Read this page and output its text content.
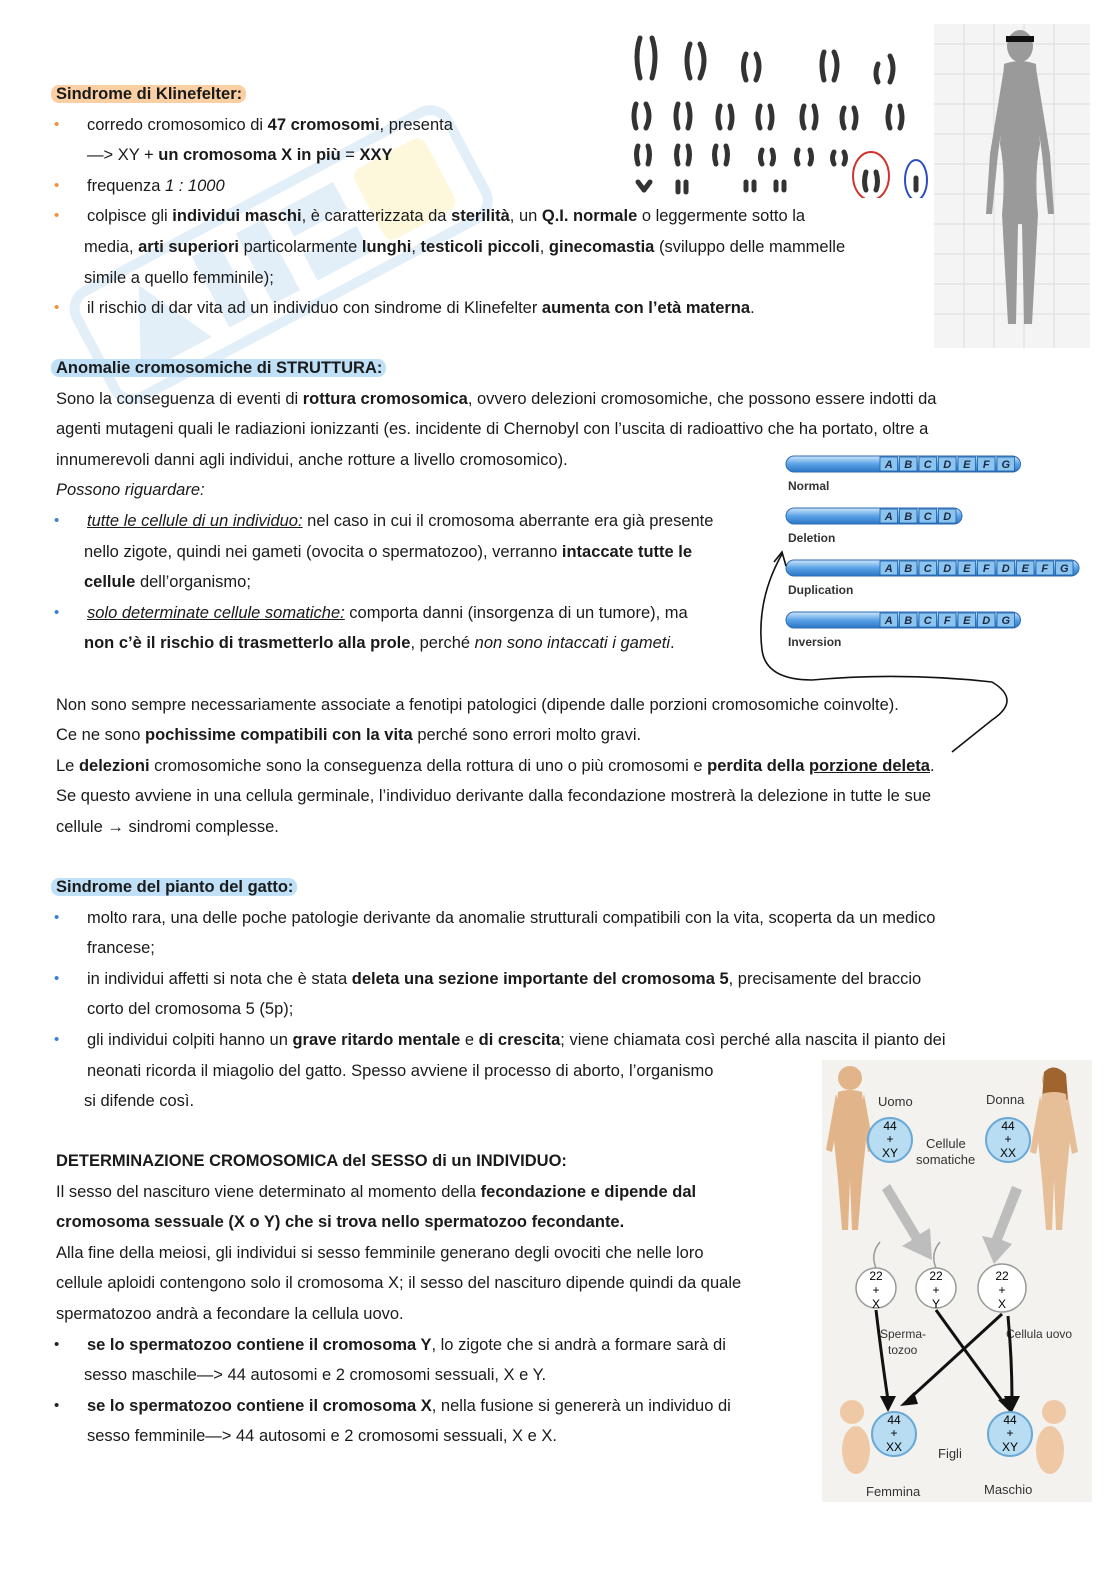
Sindrome di Klinefelter:
• corredo cromosomico di 47 cromosomi, presenta
—> XY + un cromosoma X in più = XXY
• frequenza 1 : 1000
• colpisce gli individui maschi, è caratterizzata da sterilità, un Q.I. normale o leggermente sotto la
media, arti superiori particolarmente lunghi, testicoli piccoli, ginecomastia (sviluppo delle mammelle
simile a quello femminile);
• il rischio di dar vita ad un individuo con sindrome di Klinefelter aumenta con l’età materna.
Anomalie cromosomiche di STRUTTURA:
Sono la conseguenza di eventi di rottura cromosomica, ovvero delezioni cromosomiche, che possono essere indotti da
agenti mutageni quali le radiazioni ionizzanti (es. incidente di Chernobyl con l’uscita di radioattivo che ha portato, oltre a
innumerevoli danni agli individui, anche rotture a livello cromosomico).
Possono riguardare:
• tutte le cellule di un individuo: nel caso in cui il cromosoma aberrante era già presente
nello zigote, quindi nei gameti (ovocita o spermatozoo), verranno intaccate tutte le
cellule dell’organismo;
• solo determinate cellule somatiche: comporta danni (insorgenza di un tumore), ma
non c’è il rischio di trasmetterlo alla prole, perché non sono intaccati i gameti.
Non sono sempre necessariamente associate a fenotipi patologici (dipende dalle porzioni cromosomiche coinvolte).
Ce ne sono pochissime compatibili con la vita perché sono errori molto gravi.
Le delezioni cromosomiche sono la conseguenza della rottura di uno o più cromosomi e perdita della porzione deleta.
Se questo avviene in una cellula germinale, l’individuo derivante dalla fecondazione mostrerà la delezione in tutte le sue
cellule → sindromi complesse.
A B C D E F G
Normal
A B C D
Deletion
A B C D E F D E F G
Duplication
A B C F E D G
Inversion
Sindrome del pianto del gatto:
• molto rara, una delle poche patologie derivante da anomalie strutturali compatibili con la vita, scoperta da un medico
francese;
• in individui affetti si nota che è stata deleta una sezione importante del cromosoma 5, precisamente del braccio
corto del cromosoma 5 (5p);
• gli individui colpiti hanno un grave ritardo mentale e di crescita; viene chiamata così perché alla nascita il pianto dei
neonati ricorda il miagolio del gatto. Spesso avviene il processo di aborto, l’organismo
si difende così.
DETERMINAZIONE CROMOSOMICA del SESSO di un INDIVIDUO:
Il sesso del nascituro viene determinato al momento della fecondazione e dipende dal
cromosoma sessuale (X o Y) che si trova nello spermatozoo fecondante.
Alla fine della meiosi, gli individui si sesso femminile generano degli ovociti che nelle loro
cellule aploidi contengono solo il cromosoma X; il sesso del nascituro dipende quindi da quale
spermatozoo andrà a fecondare la cellula uovo.
• se lo spermatozoo contiene il cromosoma Y, lo zigote che si andrà a formare sarà di
sesso maschile—> 44 autosomi e 2 cromosomi sessuali, X e Y.
• se lo spermatozoo contiene il cromosoma X, nella fusione si genererà un individuo di
sesso femminile—> 44 autosomi e 2 cromosomi sessuali, X e X.
Uomo	Donna
Cellule
somatiche
44
+
XY
44
+
XX
22
+
X
22
+
Y
22
+
X
Sperma-
tozoo
Cellula uovo
44
+
XX
44
+
XY
Figli
Femmina	Maschio
